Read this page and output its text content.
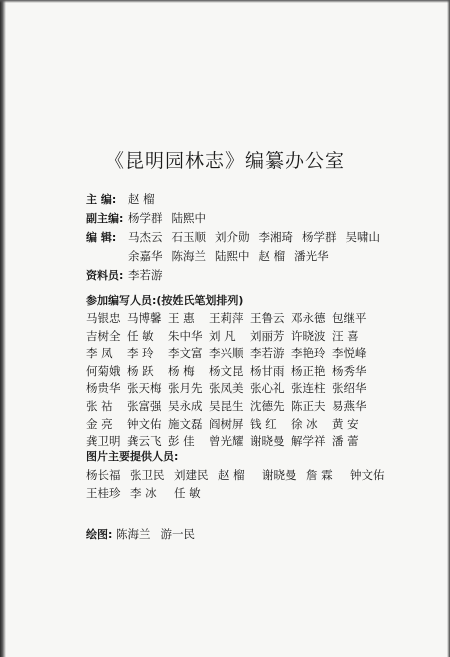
《昆明园林志》编纂办公室
主 编:	赵 榴
副主编: 杨学群 陆熙中
编 辑:	马杰云 石玉顺 刘介勋 李湘琦 杨学群 吴啸山
余嘉华 陈海兰 陆熙中 赵 榴 潘光华
资料员: 李若游
参加编写人员:(按姓氏笔划排列)
马银忠 马博馨 王 惠	王莉萍 王鲁云 邓永德 包继平
吉树全 任 敏	朱中华 刘 凡	刘丽芳 许晓波 汪 喜
李 凤	李 玲	李文富 李兴顺 李若游 李艳玲 李悦峰
何菊娥 杨 跃	杨 梅	杨文昆 杨甘雨 杨正艳 杨秀华
杨贵华 张天梅 张月先 张凤美 张心礼 张连柱 张绍华
张 祜	张富强 吴永成 吴昆生 沈德先 陈正夫 易燕华
金 亮	钟文佑 施文磊 阎树屏 钱 红	徐 冰	黄 安
龚卫明 龚云飞 彭 佳	曾光耀 谢晓曼 解学祥 潘 蕾
图片主要提供人员:
杨长福 张卫民 刘建民 赵 榴	谢晓曼 詹 霖	钟文佑
王桂珍 李 冰	任 敏
绘图: 陈海兰 游一民
